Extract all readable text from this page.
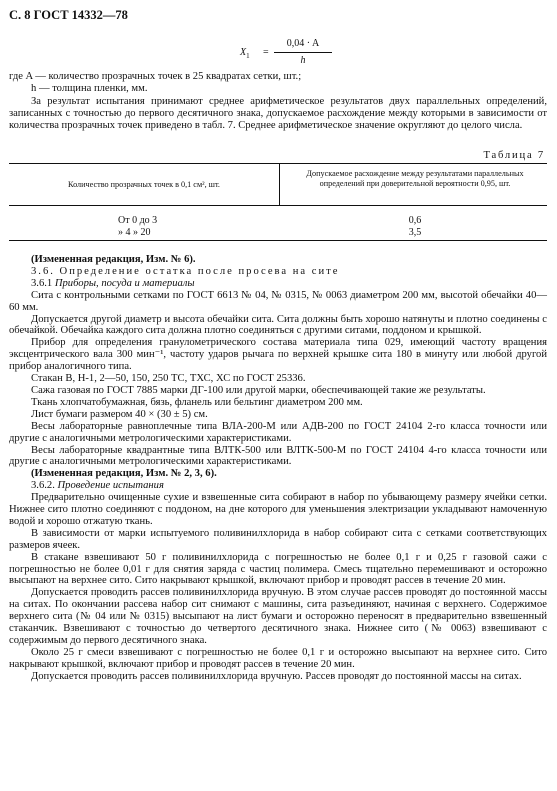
С. 8 ГОСТ 14332—78
$X_1$ =
0,04 · A
h
где A — количество прозрачных точек в 25 квадратах сетки, шт.;
h — толщина пленки, мм.

За результат испытания принимают среднее арифметическое результатов двух параллельных определений, записанных с точностью до первого десятичного знака, допускаемое расхождение между которыми в зависимости от количества прозрачных точек приведено в табл. 7. Среднее арифметическое значение округляют до целого числа.

Таблица 7
Количество прозрачных точек в 0,1 см², шт.
Допускаемое расхождение между результатами параллельных определений при доверительной вероятности 0,95, шт.
От 0 до 3	0,6
» 4 » 20	3,5

(Измененная редакция, Изм. № 6).

3.6. Определение остатка после просева на сите

3.6.1 Приборы, посуда и материалы

Сита с контрольными сетками по ГОСТ 6613 № 04, № 0315, № 0063 диаметром 200 мм, высотой обечайки 40—60 мм.

Допускается другой диаметр и высота обечайки сита. Сита должны быть хорошо натянуты и плотно соединены с обечайкой. Обечайка каждого сита должна плотно соединяться с другими ситами, поддоном и крышкой.

Прибор для определения гранулометрического состава материала типа 029, имеющий частоту вращения эксцентрического вала 300 мин⁻¹, частоту ударов рычага по верхней крышке сита 180 в минуту или любой другой прибор аналогичного типа.

Стакан В, Н-1, 2—50, 150, 250 ТС, ТХС, ХС по ГОСТ 25336.

Сажа газовая по ГОСТ 7885 марки ДГ-100 или другой марки, обеспечивающей такие же результаты.

Ткань хлопчатобумажная, бязь, фланель или бельтинг диаметром 200 мм.

Лист бумаги размером 40 × (30 ± 5) см.

Весы лабораторные равноплечные типа ВЛА-200-М или АДВ-200 по ГОСТ 24104 2-го класса точности или другие с аналогичными метрологическими характеристиками.

Весы лабораторные квадрантные типа ВЛТК-500 или ВЛТК-500-М по ГОСТ 24104 4-го класса точности или другие с аналогичными метрологическими характеристиками.

(Измененная редакция, Изм. № 2, 3, 6).

3.6.2. Проведение испытания

Предварительно очищенные сухие и взвешенные сита собирают в набор по убывающему размеру ячейки сетки. Нижнее сито плотно соединяют с поддоном, на дне которого для уменьшения электризации укладывают намоченную водой и хорошо отжатую ткань.

В зависимости от марки испытуемого поливинилхлорида в набор собирают сита с сетками соответствующих размеров ячеек.

В стакане взвешивают 50 г поливинилхлорида с погрешностью не более 0,1 г и 0,25 г газовой сажи с погрешностью не более 0,01 г для снятия заряда с частиц полимера. Смесь тщательно перемешивают и осторожно высыпают на верхнее сито. Сито накрывают крышкой, включают прибор и проводят рассев в течение 20 мин.

Допускается проводить рассев поливинилхлорида вручную. В этом случае рассев проводят до постоянной массы на ситах. По окончании рассева набор сит снимают с машины, сита разъединяют, начиная с верхнего. Содержимое верхнего сита (№ 04 или № 0315) высыпают на лист бумаги и осторожно переносят в предварительно взвешенный стаканчик. Взвешивают с точностью до четвертого десятичного знака. Нижнее сито (№ 0063) взвешивают с содержимым до первого десятичного знака.

Около 25 г смеси взвешивают с погрешностью не более 0,1 г и осторожно высыпают на верхнее сито. Сито накрывают крышкой, включают прибор и проводят рассев в течение 20 мин.

Допускается проводить рассев поливинилхлорида вручную. Рассев проводят до постоянной массы на ситах.
